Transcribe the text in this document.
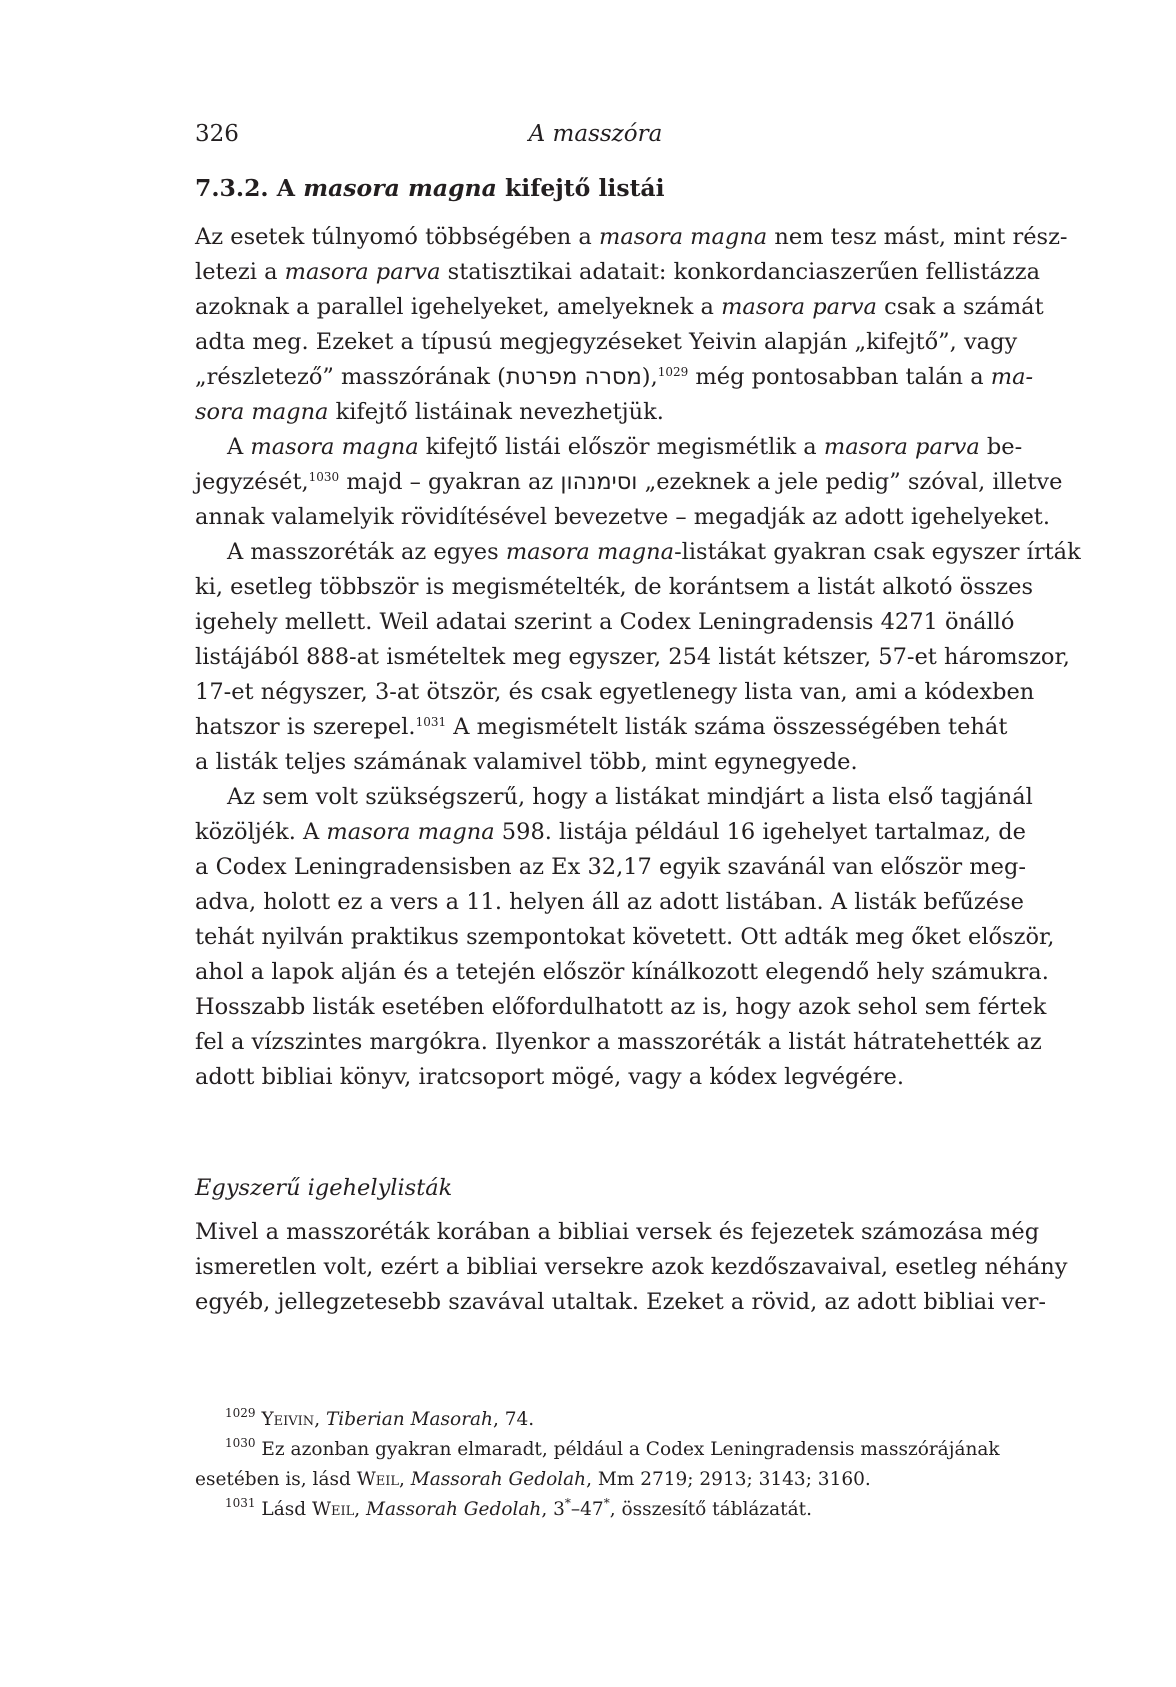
326	A masszóra
7.3.2. A masora magna kifejtő listái
Az esetek túlnyomó többségében a masora magna nem tesz mást, mint rész-
letezi a masora parva statisztikai adatait: konkordanciaszerűen fellistázza
azoknak a parallel igehelyeket, amelyeknek a masora parva csak a számát
adta meg. Ezeket a típusú megjegyzéseket Yeivin alapján „kifejtő”, vagy
„részletező” masszórának (מסרה מפרטת),$^{1029}$ még pontosabban talán a ma-
sora magna kifejtő listáinak nevezhetjük.
A masora magna kifejtő listái először megismétlik a masora parva be-
jegyzését,$^{1030}$ majd – gyakran az וסימנהון „ezeknek a jele pedig” szóval, illetve
annak valamelyik rövidítésével bevezetve – megadják az adott igehelyeket.
A masszoréták az egyes masora magna-listákat gyakran csak egyszer írták
ki, esetleg többször is megismételték, de korántsem a listát alkotó összes
igehely mellett. Weil adatai szerint a Codex Leningradensis 4271 önálló
listájából 888-at ismételtek meg egyszer, 254 listát kétszer, 57-et háromszor,
17-et négyszer, 3-at ötször, és csak egyetlenegy lista van, ami a kódexben
hatszor is szerepel.$^{1031}$ A megismételt listák száma összességében tehát
a listák teljes számának valamivel több, mint egynegyede.
Az sem volt szükségszerű, hogy a listákat mindjárt a lista első tagjánál
közöljék. A masora magna 598. listája például 16 igehelyet tartalmaz, de
a Codex Leningradensisben az Ex 32,17 egyik szavánál van először meg-
adva, holott ez a vers a 11. helyen áll az adott listában. A listák befűzése
tehát nyilván praktikus szempontokat követett. Ott adták meg őket először,
ahol a lapok alján és a tetején először kínálkozott elegendő hely számukra.
Hosszabb listák esetében előfordulhatott az is, hogy azok sehol sem fértek
fel a vízszintes margókra. Ilyenkor a masszoréták a listát hátratehették az
adott bibliai könyv, iratcsoport mögé, vagy a kódex legvégére.
Egyszerű igehelylisták
Mivel a masszoréták korában a bibliai versek és fejezetek számozása még
ismeretlen volt, ezért a bibliai versekre azok kezdőszavaival, esetleg néhány
egyéb, jellegzetesebb szavával utaltak. Ezeket a rövid, az adott bibliai ver-
$^{1029}$ Yeivin, Tiberian Masorah, 74.
$^{1030}$ Ez azonban gyakran elmaradt, például a Codex Leningradensis masszórájának
esetében is, lásd Weil, Massorah Gedolah, Mm 2719; 2913; 3143; 3160.
$^{1031}$ Lásd Weil, Massorah Gedolah, 3*–47*, összesítő táblázatát.
